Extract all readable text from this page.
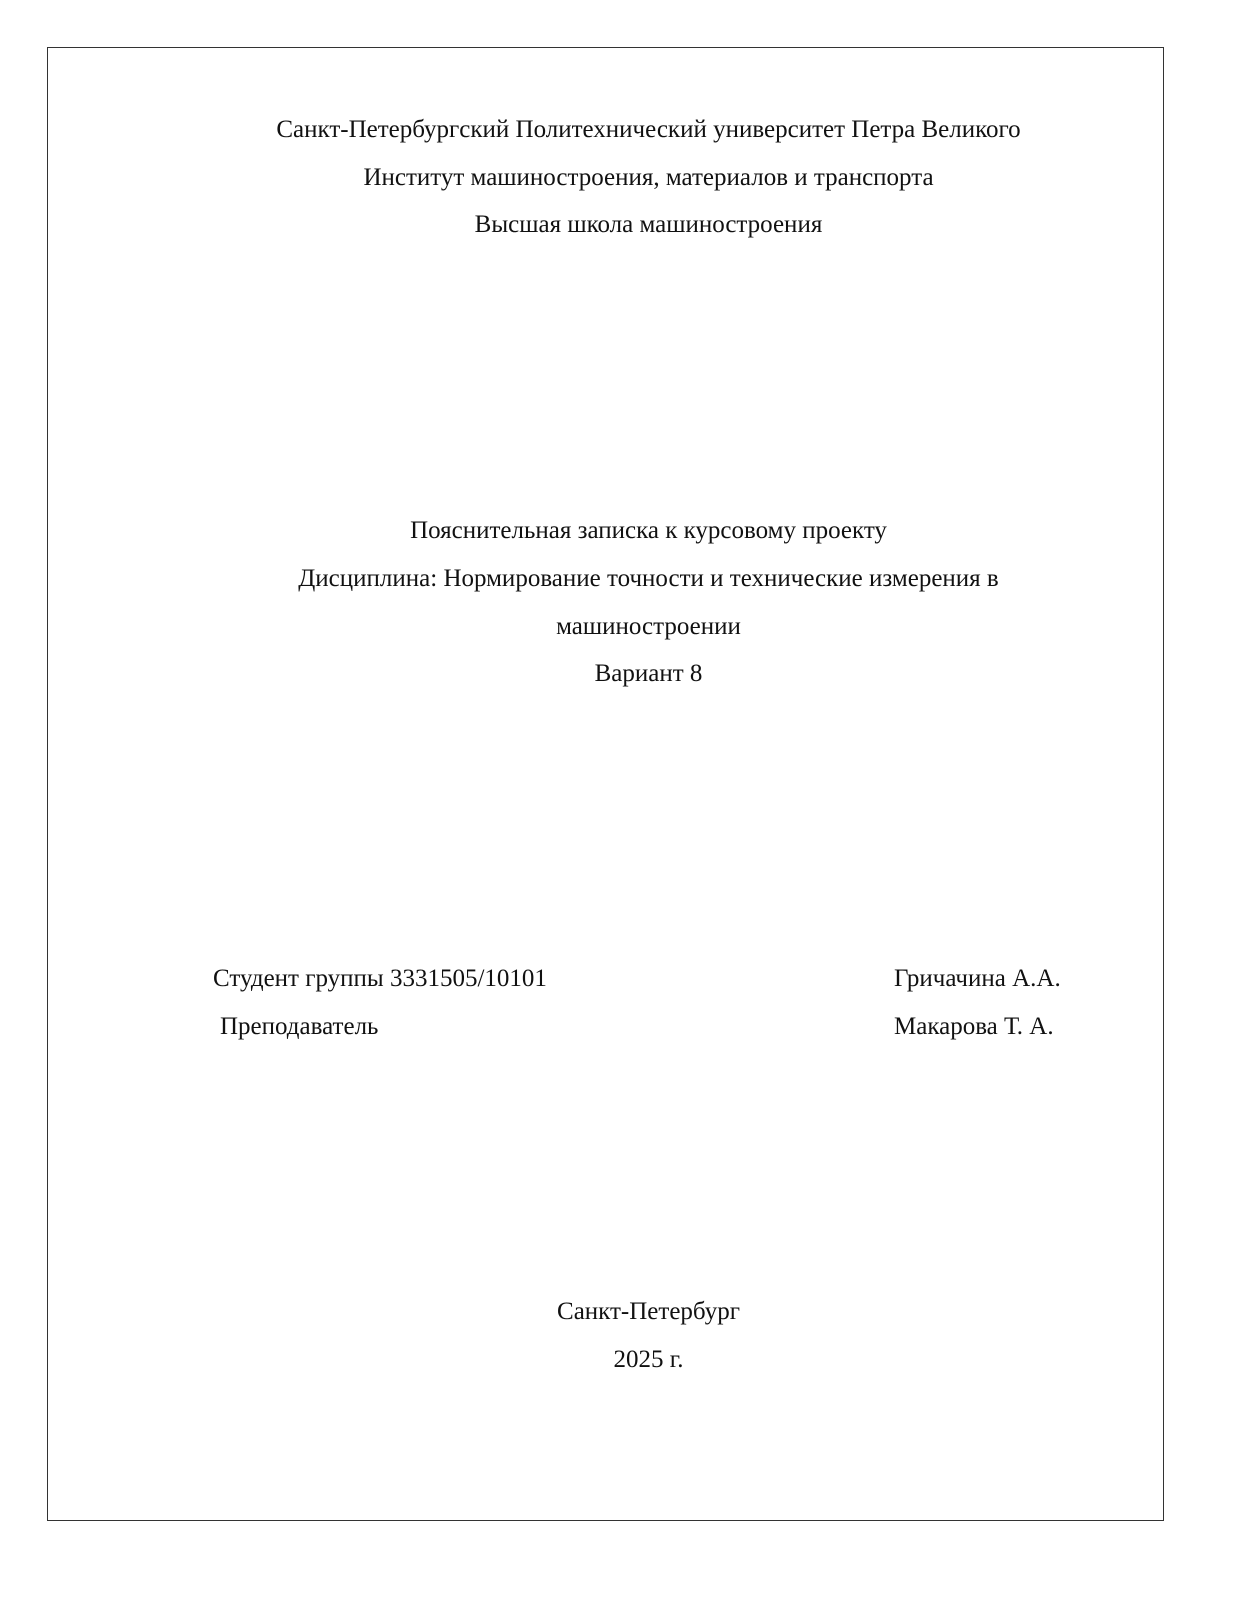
Санкт-Петербургский Политехнический университет Петра Великого
Институт машиностроения, материалов и транспорта
Высшая школа машиностроения
Пояснительная записка к курсовому проекту
Дисциплина: Нормирование точности и технические измерения в
машиностроении
Вариант 8
Студент группы 3331505/10101	Гричачина А.А.
Преподаватель	Макарова Т. А.
Санкт-Петербург
2025 г.
